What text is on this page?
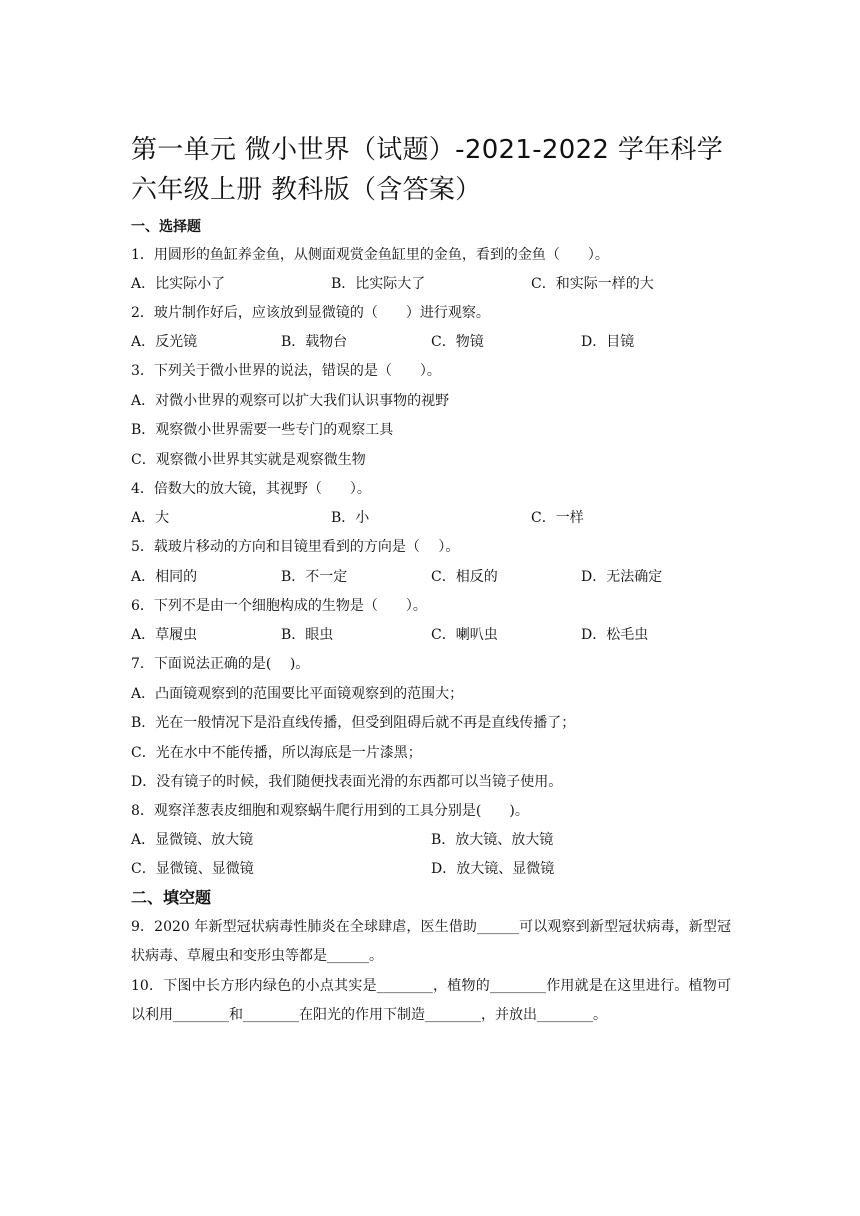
第一单元 微小世界（试题）-2021-2022 学年科学六年级上册 教科版（含答案）
一、选择题
1．用圆形的鱼缸养金鱼，从侧面观赏金鱼缸里的金鱼，看到的金鱼（　　）。
A．比实际小了	B．比实际大了	C．和实际一样的大
2．玻片制作好后，应该放到显微镜的（　　）进行观察。
A．反光镜	B．载物台	C．物镜	D．目镜
3．下列关于微小世界的说法，错误的是（　　）。
A．对微小世界的观察可以扩大我们认识事物的视野
B．观察微小世界需要一些专门的观察工具
C．观察微小世界其实就是观察微生物
4．倍数大的放大镜，其视野（　　）。
A．大	B．小	C．一样
5．载玻片移动的方向和目镜里看到的方向是（　 ）。
A．相同的	B．不一定	C．相反的	D．无法确定
6．下列不是由一个细胞构成的生物是（　　）。
A．草履虫	B．眼虫	C．喇叭虫	D．松毛虫
7．下面说法正确的是(　 )。
A．凸面镜观察到的范围要比平面镜观察到的范围大；
B．光在一般情况下是沿直线传播，但受到阻碍后就不再是直线传播了；
C．光在水中不能传播，所以海底是一片漆黑；
D．没有镜子的时候，我们随便找表面光滑的东西都可以当镜子使用。
8．观察洋葱表皮细胞和观察蜗牛爬行用到的工具分别是(　　)。
A．显微镜、放大镜	B．放大镜、放大镜
C．显微镜、显微镜	D．放大镜、显微镜
二、填空题
9．2020 年新型冠状病毒性肺炎在全球肆虐，医生借助______可以观察到新型冠状病毒，新型冠状病毒、草履虫和变形虫等都是______。
10．下图中长方形内绿色的小点其实是________，植物的________作用就是在这里进行。植物可以利用________和________在阳光的作用下制造________，并放出________。
